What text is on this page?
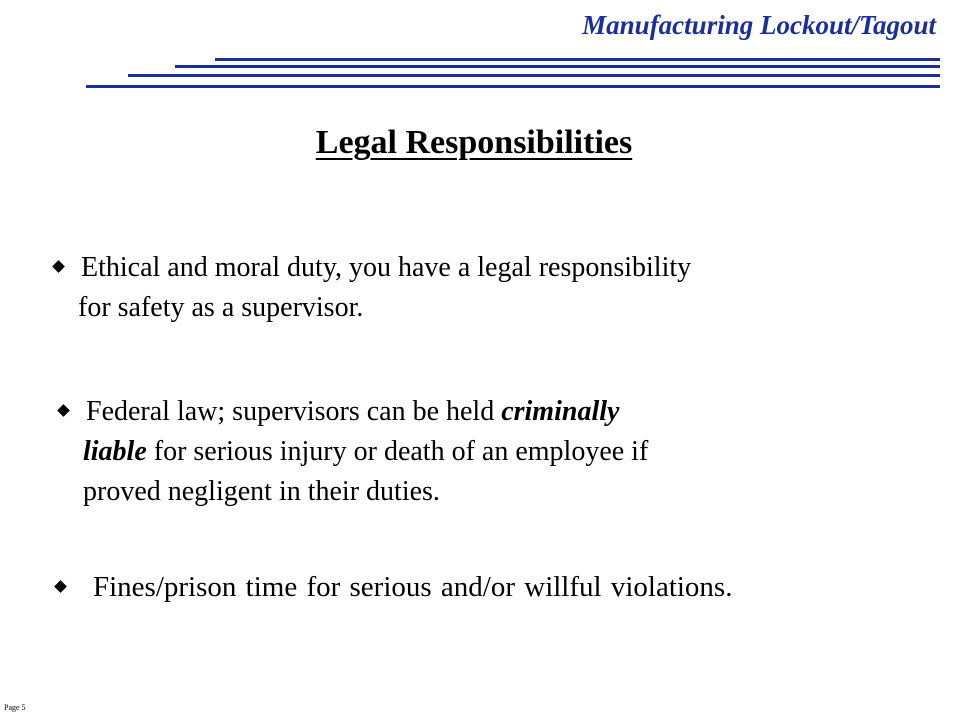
Manufacturing Lockout/Tagout
Legal Responsibilities
Ethical and moral duty, you have a legal responsibility
for safety as a supervisor.
Federal law; supervisors can be held criminally
liable for serious injury or death of an employee if
proved negligent in their duties.
Fines/prison time for serious and/or willful violations.
Page 5
